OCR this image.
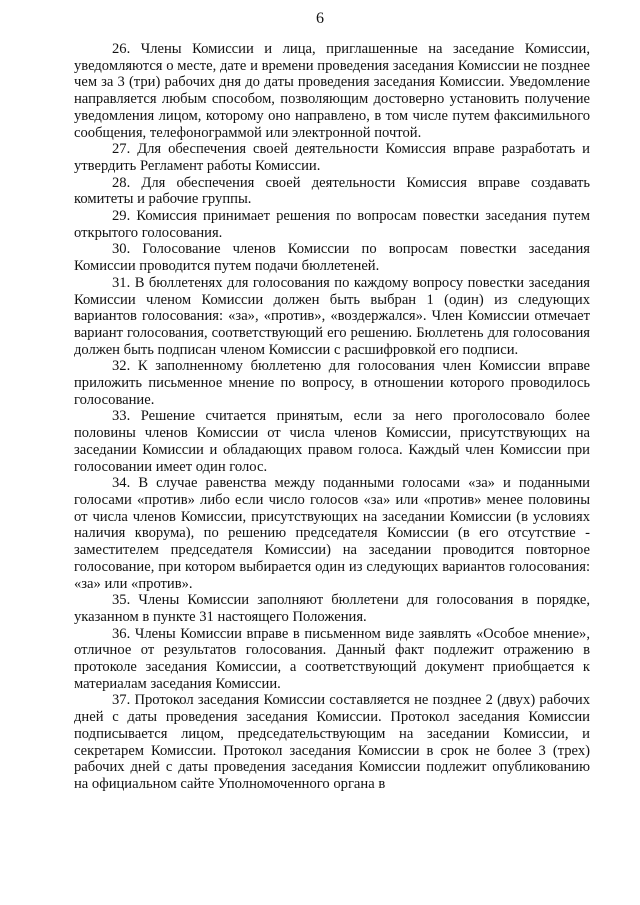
6

26. Члены Комиссии и лица, приглашенные на заседание Комиссии, уведомляются о месте, дате и времени проведения заседания Комиссии не позднее чем за 3 (три) рабочих дня до даты проведения заседания Комиссии. Уведомление направляется любым способом, позволяющим достоверно установить получение уведомления лицом, которому оно направлено, в том числе путем факсимильного сообщения, телефонограммой или электронной почтой.

27. Для обеспечения своей деятельности Комиссия вправе разработать и утвердить Регламент работы Комиссии.

28. Для обеспечения своей деятельности Комиссия вправе создавать комитеты и рабочие группы.

29. Комиссия принимает решения по вопросам повестки заседания путем открытого голосования.

30. Голосование членов Комиссии по вопросам повестки заседания Комиссии проводится путем подачи бюллетеней.

31. В бюллетенях для голосования по каждому вопросу повестки заседания Комиссии членом Комиссии должен быть выбран 1 (один) из следующих вариантов голосования: «за», «против», «воздержался». Член Комиссии отмечает вариант голосования, соответствующий его решению. Бюллетень для голосования должен быть подписан членом Комиссии с расшифровкой его подписи.

32. К заполненному бюллетеню для голосования член Комиссии вправе приложить письменное мнение по вопросу, в отношении которого проводилось голосование.

33. Решение считается принятым, если за него проголосовало более половины членов Комиссии от числа членов Комиссии, присутствующих на заседании Комиссии и обладающих правом голоса. Каждый член Комиссии при голосовании имеет один голос.

34. В случае равенства между поданными голосами «за» и поданными голосами «против» либо если число голосов «за» или «против» менее половины от числа членов Комиссии, присутствующих на заседании Комиссии (в условиях наличия кворума), по решению председателя Комиссии (в его отсутствие - заместителем председателя Комиссии) на заседании проводится повторное голосование, при котором выбирается один из следующих вариантов голосования: «за» или «против».

35. Члены Комиссии заполняют бюллетени для голосования в порядке, указанном в пункте 31 настоящего Положения.

36. Члены Комиссии вправе в письменном виде заявлять «Особое мнение», отличное от результатов голосования. Данный факт подлежит отражению в протоколе заседания Комиссии, а соответствующий документ приобщается к материалам заседания Комиссии.

37. Протокол заседания Комиссии составляется не позднее 2 (двух) рабочих дней с даты проведения заседания Комиссии. Протокол заседания Комиссии подписывается лицом, председательствующим на заседании Комиссии, и секретарем Комиссии. Протокол заседания Комиссии в срок не более 3 (трех) рабочих дней с даты проведения заседания Комиссии подлежит опубликованию на официальном сайте Уполномоченного органа в
